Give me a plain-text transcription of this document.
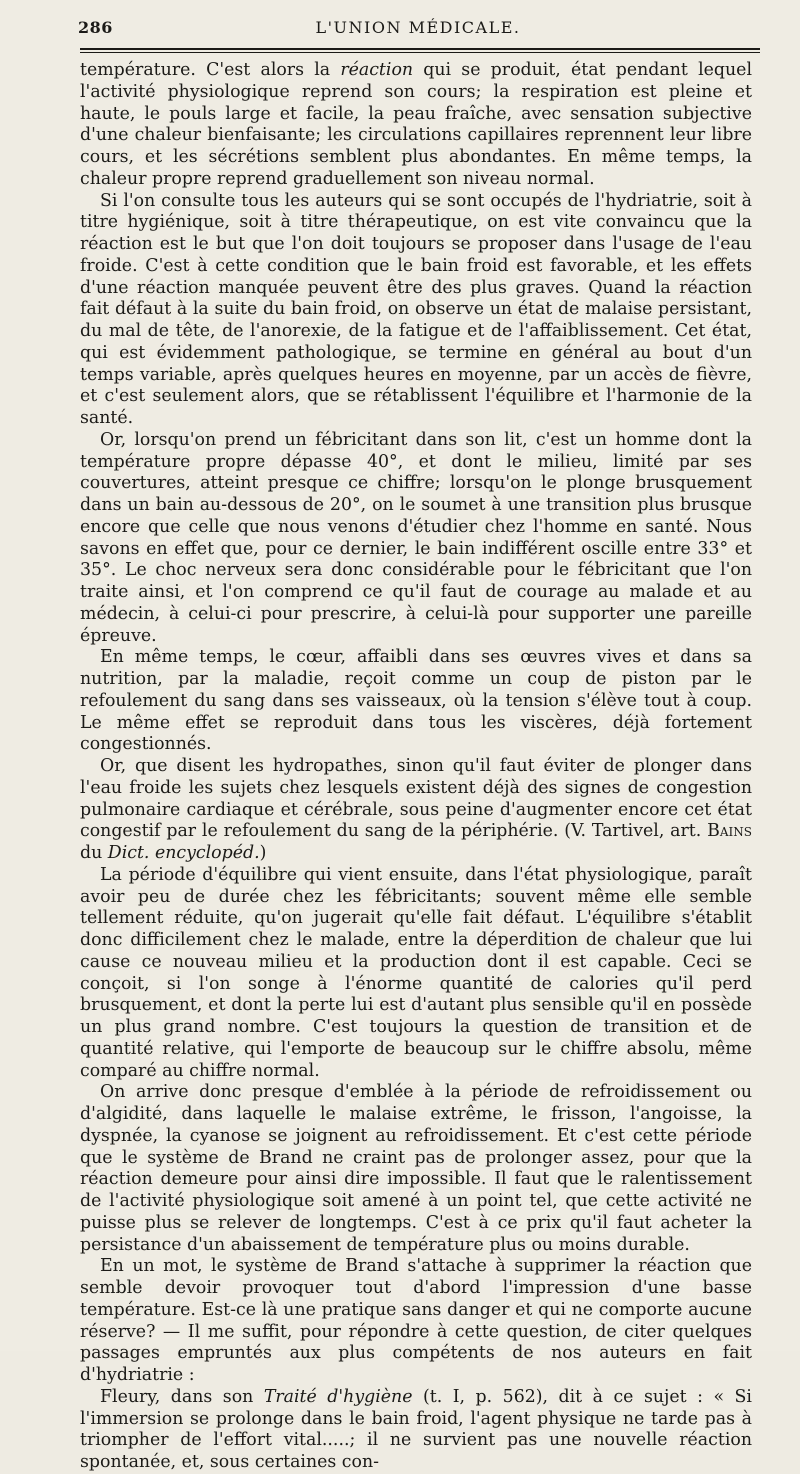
286	L'UNION MÉDICALE.

température. C'est alors la réaction qui se produit, état pendant lequel l'activité physiologique reprend son cours; la respiration est pleine et haute, le pouls large et facile, la peau fraîche, avec sensation subjective d'une chaleur bienfaisante; les circulations capillaires reprennent leur libre cours, et les sécrétions semblent plus abondantes. En même temps, la chaleur propre reprend graduellement son niveau normal.

Si l'on consulte tous les auteurs qui se sont occupés de l'hydriatrie, soit à titre hygiénique, soit à titre thérapeutique, on est vite convaincu que la réaction est le but que l'on doit toujours se proposer dans l'usage de l'eau froide. C'est à cette condition que le bain froid est favorable, et les effets d'une réaction manquée peuvent être des plus graves. Quand la réaction fait défaut à la suite du bain froid, on observe un état de malaise persistant, du mal de tête, de l'anorexie, de la fatigue et de l'affaiblissement. Cet état, qui est évidemment pathologique, se termine en général au bout d'un temps variable, après quelques heures en moyenne, par un accès de fièvre, et c'est seulement alors, que se rétablissent l'équilibre et l'harmonie de la santé.

Or, lorsqu'on prend un fébricitant dans son lit, c'est un homme dont la température propre dépasse 40°, et dont le milieu, limité par ses couvertures, atteint presque ce chiffre; lorsqu'on le plonge brusquement dans un bain au-dessous de 20°, on le soumet à une transition plus brusque encore que celle que nous venons d'étudier chez l'homme en santé. Nous savons en effet que, pour ce dernier, le bain indifférent oscille entre 33° et 35°. Le choc nerveux sera donc considérable pour le fébricitant que l'on traite ainsi, et l'on comprend ce qu'il faut de courage au malade et au médecin, à celui-ci pour prescrire, à celui-là pour supporter une pareille épreuve.

En même temps, le cœur, affaibli dans ses œuvres vives et dans sa nutrition, par la maladie, reçoit comme un coup de piston par le refoulement du sang dans ses vaisseaux, où la tension s'élève tout à coup. Le même effet se reproduit dans tous les viscères, déjà fortement congestionnés.

Or, que disent les hydropathes, sinon qu'il faut éviter de plonger dans l'eau froide les sujets chez lesquels existent déjà des signes de congestion pulmonaire cardiaque et cérébrale, sous peine d'augmenter encore cet état congestif par le refoulement du sang de la périphérie. (V. Tartivel, art. Bains du Dict. encyclopéd.)

La période d'équilibre qui vient ensuite, dans l'état physiologique, paraît avoir peu de durée chez les fébricitants; souvent même elle semble tellement réduite, qu'on jugerait qu'elle fait défaut. L'équilibre s'établit donc difficilement chez le malade, entre la déperdition de chaleur que lui cause ce nouveau milieu et la production dont il est capable. Ceci se conçoit, si l'on songe à l'énorme quantité de calories qu'il perd brusquement, et dont la perte lui est d'autant plus sensible qu'il en possède un plus grand nombre. C'est toujours la question de transition et de quantité relative, qui l'emporte de beaucoup sur le chiffre absolu, même comparé au chiffre normal.

On arrive donc presque d'emblée à la période de refroidissement ou d'algidité, dans laquelle le malaise extrême, le frisson, l'angoisse, la dyspnée, la cyanose se joignent au refroidissement. Et c'est cette période que le système de Brand ne craint pas de prolonger assez, pour que la réaction demeure pour ainsi dire impossible. Il faut que le ralentissement de l'activité physiologique soit amené à un point tel, que cette activité ne puisse plus se relever de longtemps. C'est à ce prix qu'il faut acheter la persistance d'un abaissement de température plus ou moins durable.

En un mot, le système de Brand s'attache à supprimer la réaction que semble devoir provoquer tout d'abord l'impression d'une basse température. Est-ce là une pratique sans danger et qui ne comporte aucune réserve? — Il me suffit, pour répondre à cette question, de citer quelques passages empruntés aux plus compétents de nos auteurs en fait d'hydriatrie :

Fleury, dans son Traité d'hygiène (t. I, p. 562), dit à ce sujet : « Si l'immersion se prolonge dans le bain froid, l'agent physique ne tarde pas à triompher de l'effort vital.....; il ne survient pas une nouvelle réaction spontanée, et, sous certaines con-
